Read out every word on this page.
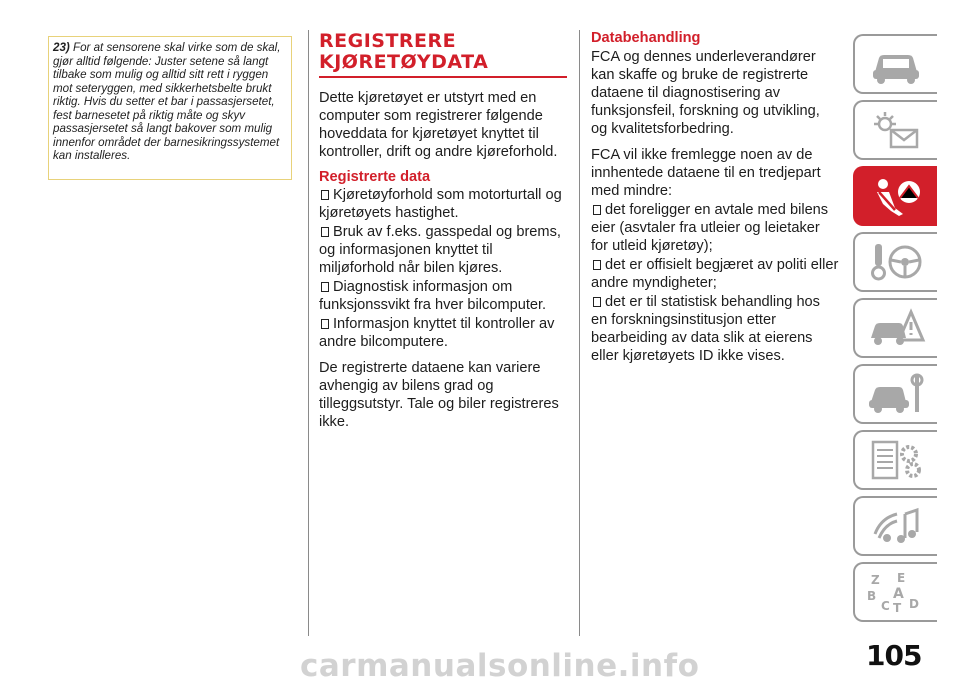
23) For at sensorene skal virke som de skal, gjør alltid følgende: Juster setene så langt tilbake som mulig og alltid sitt rett i ryggen mot seteryggen, med sikkerhetsbelte brukt riktig. Hvis du setter et bar i passasjersetet, fest barnesetet på riktig måte og skyv passasjersetet så langt bakover som mulig innenfor området der barnesikringssystemet kan installeres.
REGISTRERE
KJØRETØYDATA

Dette kjøretøyet er utstyrt med en computer som registrerer følgende hoveddata for kjøretøyet knyttet til kontroller, drift og andre kjøreforhold.

Registrerte data
Kjøretøyforhold som motorturtall og kjøretøyets hastighet.
Bruk av f.eks. gasspedal og brems, og informasjonen knyttet til miljøforhold når bilen kjøres.
Diagnostisk informasjon om funksjonssvikt fra hver bilcomputer.
Informasjon knyttet til kontroller av andre bilcomputere.

De registrerte dataene kan variere avhengig av bilens grad og tilleggsutstyr. Tale og biler registreres ikke.

Databehandling

FCA og dennes underleverandører kan skaffe og bruke de registrerte dataene til diagnostisering av funksjonsfeil, forskning og utvikling, og kvalitetsforbedring.

FCA vil ikke fremlegge noen av de innhentede dataene til en tredjepart med mindre:

det foreligger en avtale med bilens eier (asvtaler fra utleier og leietaker for utleid kjøretøy);
det er offisielt begjæret av politi eller andre myndigheter;
det er til statistisk behandling hos en forskningsinstitusjon etter bearbeiding av data slik at eierens eller kjøretøyets ID ikke vises.
Z E
B A
C T D
105
carmanualsonline.info
